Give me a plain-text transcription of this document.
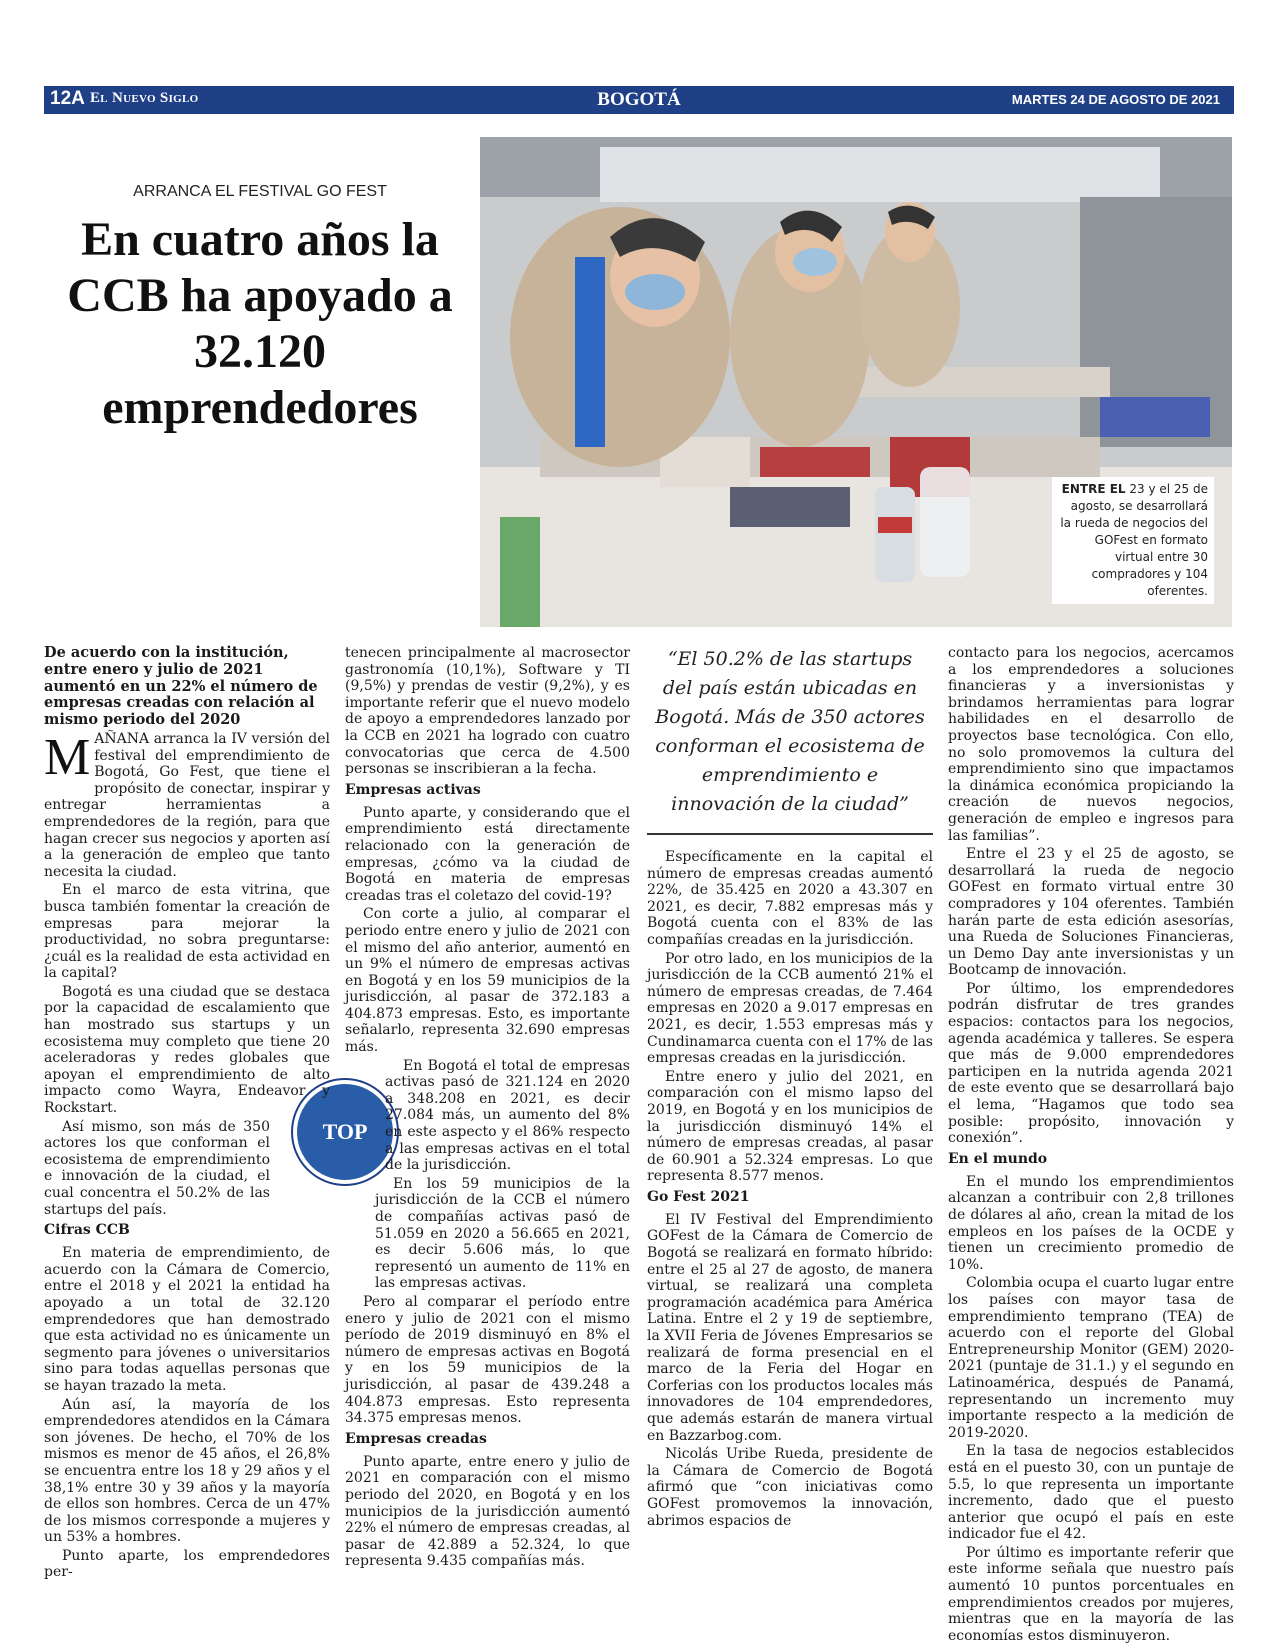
12A El Nuevo Siglo	BOGOTÁ	MARTES 24 DE AGOSTO DE 2021
ARRANCA EL FESTIVAL GO FEST
En cuatro años la CCB ha apoyado a 32.120 emprendedores
ENTRE EL 23 y el 25 de agosto, se desarrollará la rueda de negocios del GOFest en formato virtual entre 30 compradores y 104 oferentes.
TOP

De acuerdo con la institución, entre enero y julio de 2021 aumentó en un 22% el número de empresas creadas con relación al mismo periodo del 2020

MAÑANA arranca la IV versión del festival del emprendimiento de Bogotá, Go Fest, que tiene el propósito de conectar, inspirar y entregar herramientas a emprendedores de la región, para que hagan crecer sus negocios y aporten así a la generación de empleo que tanto necesita la ciudad.

En el marco de esta vitrina, que busca también fomentar la creación de empresas para mejorar la productividad, no sobra preguntarse: ¿cuál es la realidad de esta actividad en la capital?

Bogotá es una ciudad que se destaca por la capacidad de escalamiento que han mostrado sus startups y un ecosistema muy completo que tiene 20 aceleradoras y redes globales que apoyan el emprendimiento de alto impacto como Wayra, Endeavor y Rockstart.

Así mismo, son más de 350 actores los que conforman el ecosistema de emprendimiento e innovación de la ciudad, el cual concentra el 50.2% de las startups del país.

Cifras CCB

En materia de emprendimiento, de acuerdo con la Cámara de Comercio, entre el 2018 y el 2021 la entidad ha apoyado a un total de 32.120 emprendedores que han demostrado que esta actividad no es únicamente un segmento para jóvenes o universitarios sino para todas aquellas personas que se hayan trazado la meta.

Aún así, la mayoría de los emprendedores atendidos en la Cámara son jóvenes. De hecho, el 70% de los mismos es menor de 45 años, el 26,8% se encuentra entre los 18 y 29 años y el 38,1% entre 30 y 39 años y la mayoría de ellos son hombres. Cerca de un 47% de los mismos corresponde a mujeres y un 53% a hombres.

Punto aparte, los emprendedores per-

tenecen principalmente al macrosector gastronomía (10,1%), Software y TI (9,5%) y prendas de vestir (9,2%), y es importante referir que el nuevo modelo de apoyo a emprendedores lanzado por la CCB en 2021 ha logrado con cuatro convocatorias que cerca de 4.500 personas se inscribieran a la fecha.

Empresas activas

Punto aparte, y considerando que el emprendimiento está directamente relacionado con la generación de empresas, ¿cómo va la ciudad de Bogotá en materia de empresas creadas tras el coletazo del covid-19?

Con corte a julio, al comparar el periodo entre enero y julio de 2021 con el mismo del año anterior, aumentó en un 9% el número de empresas activas en Bogotá y en los 59 municipios de la jurisdicción, al pasar de 372.183 a 404.873 empresas. Esto, es importante señalarlo, representa 32.690 empresas más.

En Bogotá el total de empresas activas pasó de 321.124 en 2020 a 348.208 en 2021, es decir 27.084 más, un aumento del 8% en este aspecto y el 86% respecto a las empresas activas en el total de la jurisdicción.

En los 59 municipios de la jurisdicción de la CCB el número de compañías activas pasó de 51.059 en 2020 a 56.665 en 2021, es decir 5.606 más, lo que representó un aumento de 11% en las empresas activas.

Pero al comparar el período entre enero y julio de 2021 con el mismo período de 2019 disminuyó en 8% el número de empresas activas en Bogotá y en los 59 municipios de la jurisdicción, al pasar de 439.248 a 404.873 empresas. Esto representa 34.375 empresas menos.

Empresas creadas

Punto aparte, entre enero y julio de 2021 en comparación con el mismo periodo del 2020, en Bogotá y en los municipios de la jurisdicción aumentó 22% el número de empresas creadas, al pasar de 42.889 a 52.324, lo que representa 9.435 compañías más.

“El 50.2% de las startups del país están ubicadas en Bogotá. Más de 350 actores conforman el ecosistema de emprendimiento e innovación de la ciudad”

Específicamente en la capital el número de empresas creadas aumentó 22%, de 35.425 en 2020 a 43.307 en 2021, es decir, 7.882 empresas más y Bogotá cuenta con el 83% de las compañías creadas en la jurisdicción.

Por otro lado, en los municipios de la jurisdicción de la CCB aumentó 21% el número de empresas creadas, de 7.464 empresas en 2020 a 9.017 empresas en 2021, es decir, 1.553 empresas más y Cundinamarca cuenta con el 17% de las empresas creadas en la jurisdicción.

Entre enero y julio del 2021, en comparación con el mismo lapso del 2019, en Bogotá y en los municipios de la jurisdicción disminuyó 14% el número de empresas creadas, al pasar de 60.901 a 52.324 empresas. Lo que representa 8.577 menos.

Go Fest 2021

El IV Festival del Emprendimiento GOFest de la Cámara de Comercio de Bogotá se realizará en formato híbrido: entre el 25 al 27 de agosto, de manera virtual, se realizará una completa programación académica para América Latina. Entre el 2 y 19 de septiembre, la XVII Feria de Jóvenes Empresarios se realizará de forma presencial en el marco de la Feria del Hogar en Corferias con los productos locales más innovadores de 104 emprendedores, que además estarán de manera virtual en Bazzarbog.com.

Nicolás Uribe Rueda, presidente de la Cámara de Comercio de Bogotá afirmó que “con iniciativas como GOFest promovemos la innovación, abrimos espacios de

contacto para los negocios, acercamos a los emprendedores a soluciones financieras y a inversionistas y brindamos herramientas para lograr habilidades en el desarrollo de proyectos base tecnológica. Con ello, no solo promovemos la cultura del emprendimiento sino que impactamos la dinámica económica propiciando la creación de nuevos negocios, generación de empleo e ingresos para las familias”.

Entre el 23 y el 25 de agosto, se desarrollará la rueda de negocio GOFest en formato virtual entre 30 compradores y 104 oferentes. También harán parte de esta edición asesorías, una Rueda de Soluciones Financieras, un Demo Day ante inversionistas y un Bootcamp de innovación.

Por último, los emprendedores podrán disfrutar de tres grandes espacios: contactos para los negocios, agenda académica y talleres. Se espera que más de 9.000 emprendedores participen en la nutrida agenda 2021 de este evento que se desarrollará bajo el lema, “Hagamos que todo sea posible: propósito, innovación y conexión”.

En el mundo

En el mundo los emprendimientos alcanzan a contribuir con 2,8 trillones de dólares al año, crean la mitad de los empleos en los países de la OCDE y tienen un crecimiento promedio de 10%.

Colombia ocupa el cuarto lugar entre los países con mayor tasa de emprendimiento temprano (TEA) de acuerdo con el reporte del Global Entrepreneurship Monitor (GEM) 2020-2021 (puntaje de 31.1.) y el segundo en Latinoamérica, después de Panamá, representando un incremento muy importante respecto a la medición de 2019-2020.

En la tasa de negocios establecidos está en el puesto 30, con un puntaje de 5.5, lo que representa un importante incremento, dado que el puesto anterior que ocupó el país en este indicador fue el 42.

Por último es importante referir que este informe señala que nuestro país aumentó 10 puntos porcentuales en emprendimientos creados por mujeres, mientras que en la mayoría de las economías estos disminuyeron.
